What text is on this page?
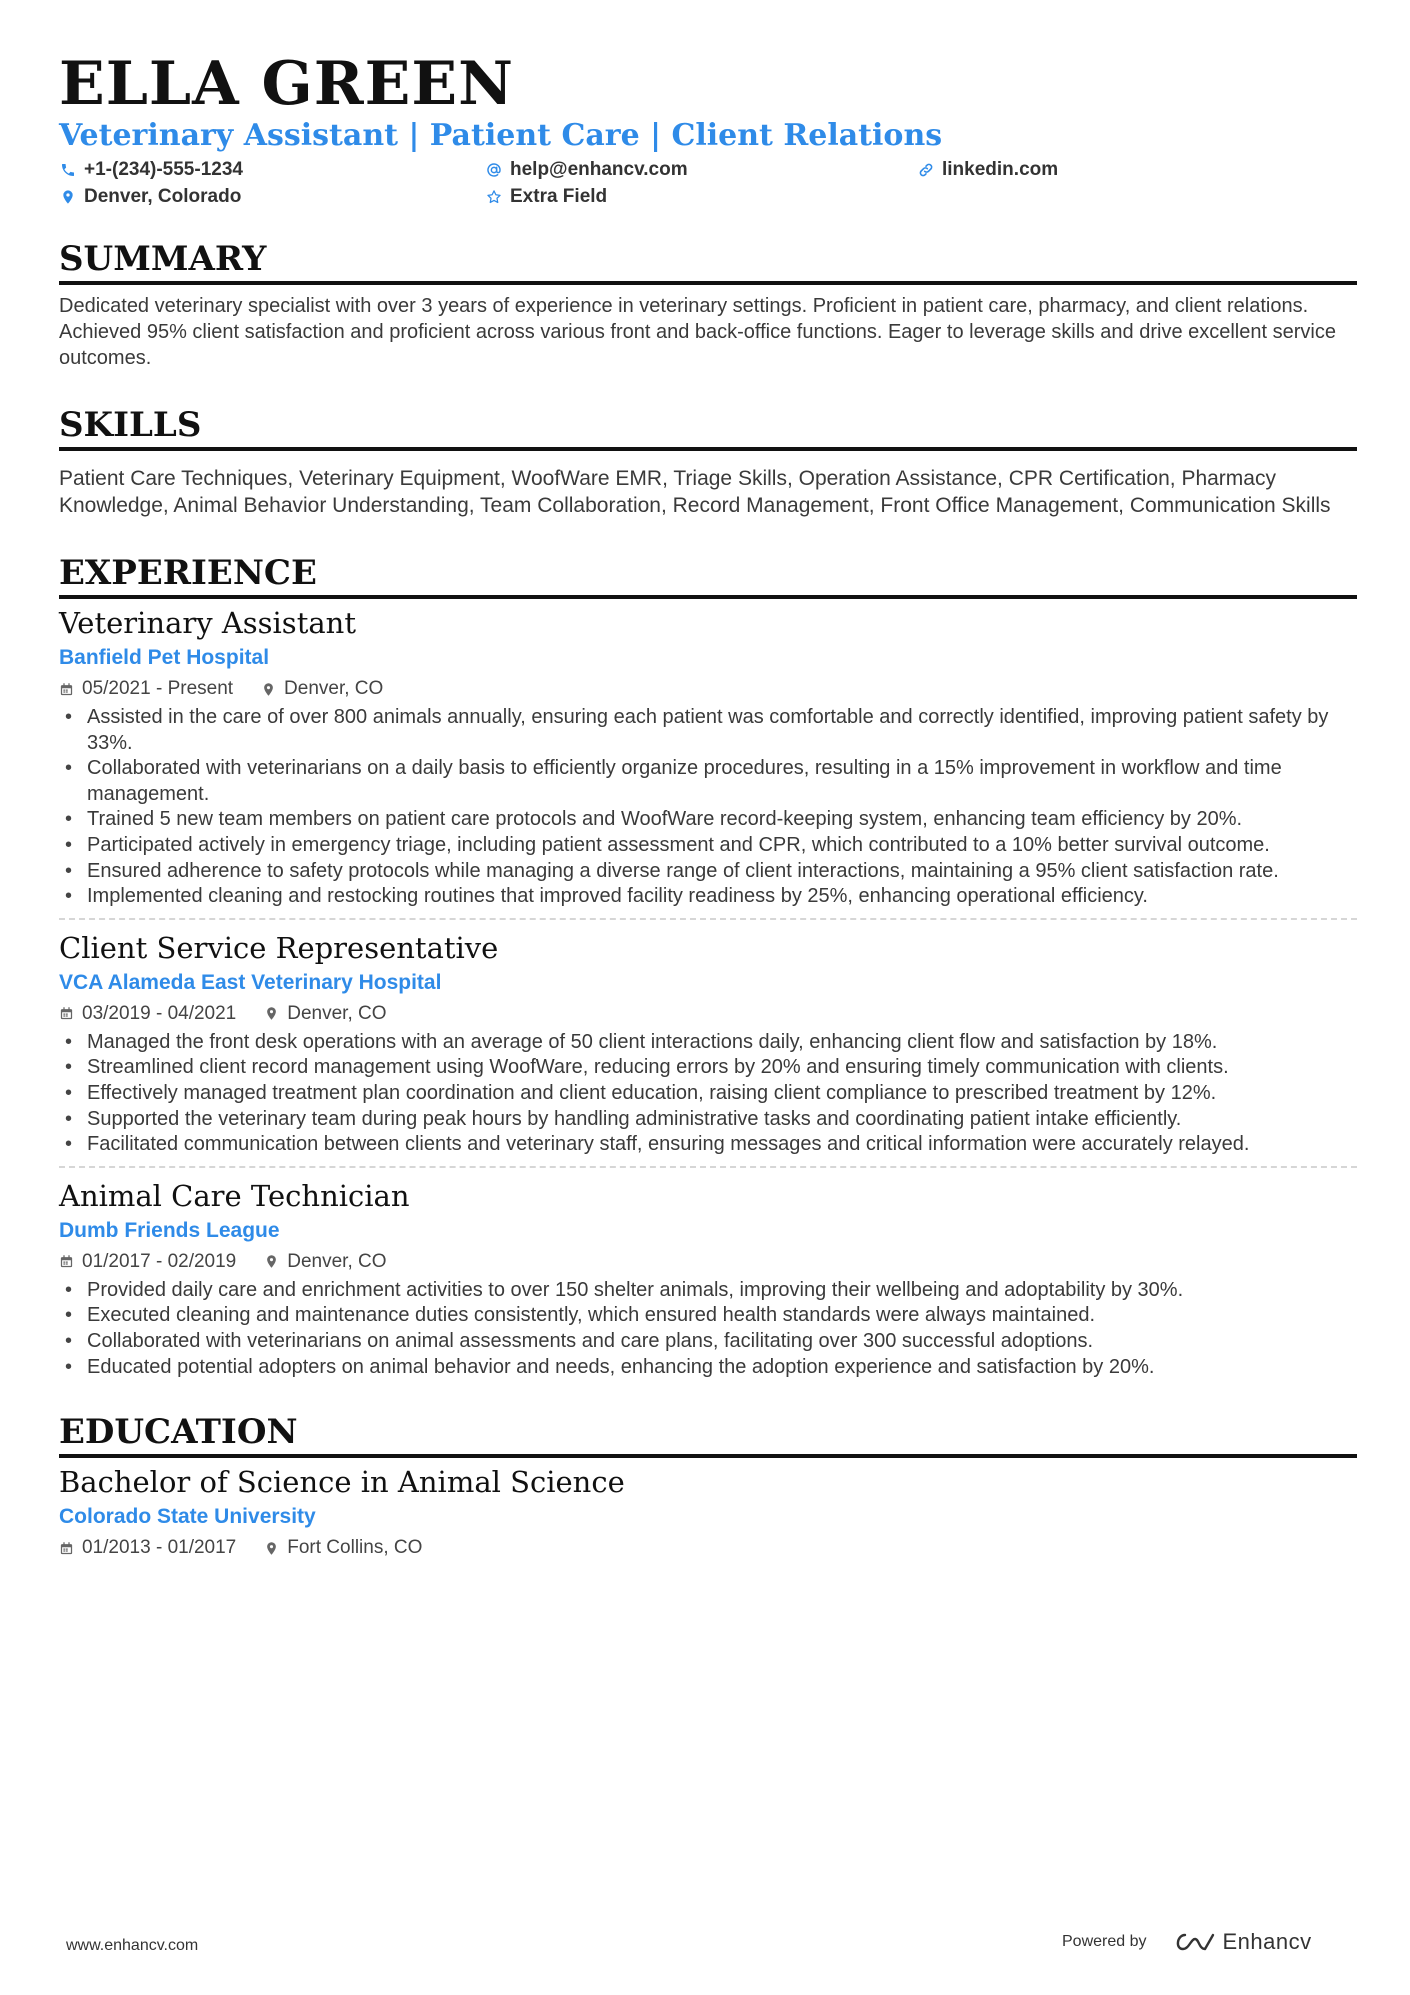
ELLA GREEN
Veterinary Assistant | Patient Care | Client Relations
+1-(234)-555-1234	help@enhancv.com	linkedin.com
Denver, Colorado	Extra Field
SUMMARY
Dedicated veterinary specialist with over 3 years of experience in veterinary settings. Proficient in patient care, pharmacy, and client relations. Achieved 95% client satisfaction and proficient across various front and back-office functions. Eager to leverage skills and drive excellent service outcomes.
SKILLS
Patient Care Techniques, Veterinary Equipment, WoofWare EMR, Triage Skills, Operation Assistance, CPR Certification, Pharmacy Knowledge, Animal Behavior Understanding, Team Collaboration, Record Management, Front Office Management, Communication Skills
EXPERIENCE
Veterinary Assistant
Banfield Pet Hospital
05/2021 - Present	Denver, CO
• Assisted in the care of over 800 animals annually, ensuring each patient was comfortable and correctly identified, improving patient safety by 33%.
• Collaborated with veterinarians on a daily basis to efficiently organize procedures, resulting in a 15% improvement in workflow and time management.
• Trained 5 new team members on patient care protocols and WoofWare record-keeping system, enhancing team efficiency by 20%.
• Participated actively in emergency triage, including patient assessment and CPR, which contributed to a 10% better survival outcome.
• Ensured adherence to safety protocols while managing a diverse range of client interactions, maintaining a 95% client satisfaction rate.
• Implemented cleaning and restocking routines that improved facility readiness by 25%, enhancing operational efficiency.
Client Service Representative
VCA Alameda East Veterinary Hospital
03/2019 - 04/2021	Denver, CO
• Managed the front desk operations with an average of 50 client interactions daily, enhancing client flow and satisfaction by 18%.
• Streamlined client record management using WoofWare, reducing errors by 20% and ensuring timely communication with clients.
• Effectively managed treatment plan coordination and client education, raising client compliance to prescribed treatment by 12%.
• Supported the veterinary team during peak hours by handling administrative tasks and coordinating patient intake efficiently.
• Facilitated communication between clients and veterinary staff, ensuring messages and critical information were accurately relayed.
Animal Care Technician
Dumb Friends League
01/2017 - 02/2019	Denver, CO
• Provided daily care and enrichment activities to over 150 shelter animals, improving their wellbeing and adoptability by 30%.
• Executed cleaning and maintenance duties consistently, which ensured health standards were always maintained.
• Collaborated with veterinarians on animal assessments and care plans, facilitating over 300 successful adoptions.
• Educated potential adopters on animal behavior and needs, enhancing the adoption experience and satisfaction by 20%.
EDUCATION
Bachelor of Science in Animal Science
Colorado State University
01/2013 - 01/2017	Fort Collins, CO
www.enhancv.com	Powered by	Enhancv
